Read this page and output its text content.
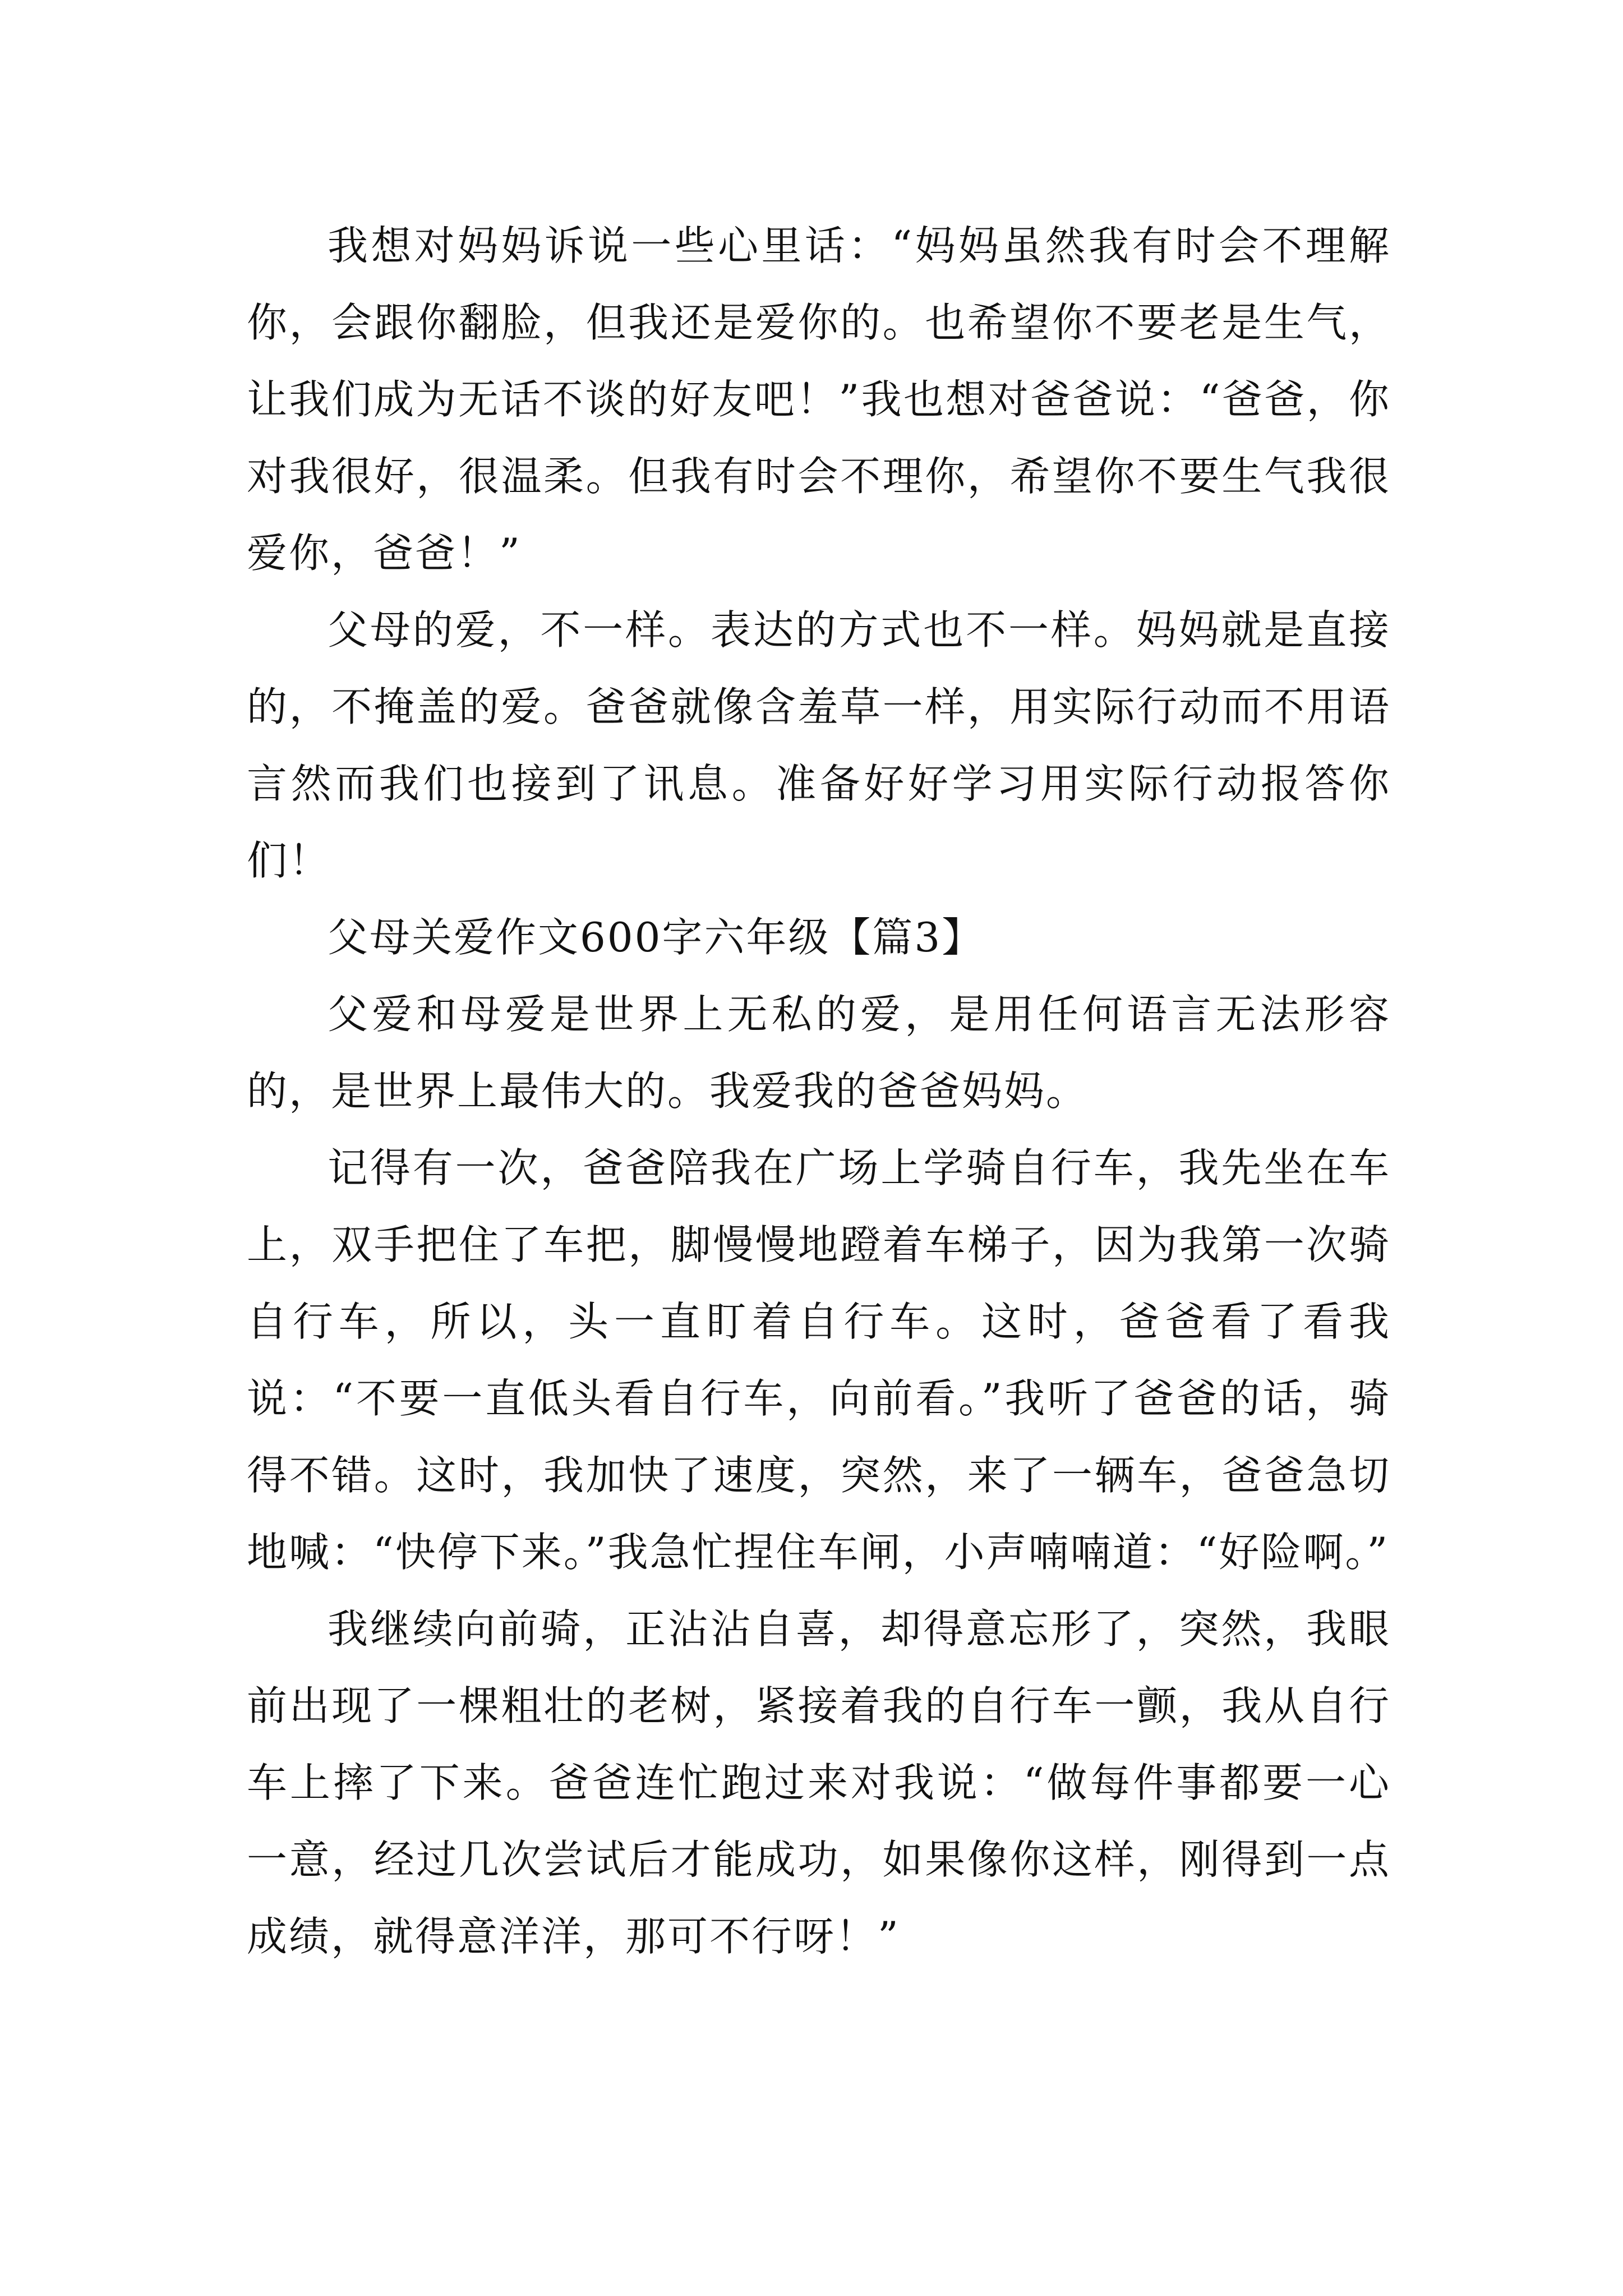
我想对妈妈诉说一些心里话：“妈妈虽然我有时会不理解你，会跟你翻脸，但我还是爱你的。也希望你不要老是生气，让我们成为无话不谈的好友吧！”我也想对爸爸说：“爸爸，你对我很好，很温柔。但我有时会不理你，希望你不要生气我很爱你，爸爸！”

父母的爱，不一样。表达的方式也不一样。妈妈就是直接的，不掩盖的爱。爸爸就像含羞草一样，用实际行动而不用语言然而我们也接到了讯息。准备好好学习用实际行动报答你们！

父母关爱作文600字六年级【篇3】

父爱和母爱是世界上无私的爱，是用任何语言无法形容的，是世界上最伟大的。我爱我的爸爸妈妈。

记得有一次，爸爸陪我在广场上学骑自行车，我先坐在车上，双手把住了车把，脚慢慢地蹬着车梯子，因为我第一次骑自行车，所以，头一直盯着自行车。这时，爸爸看了看我说：“不要一直低头看自行车，向前看。”我听了爸爸的话，骑得不错。这时，我加快了速度，突然，来了一辆车，爸爸急切地喊：“快停下来。”我急忙捏住车闸，小声喃喃道：“好险啊。”

我继续向前骑，正沾沾自喜，却得意忘形了，突然，我眼前出现了一棵粗壮的老树，紧接着我的自行车一颤，我从自行车上摔了下来。爸爸连忙跑过来对我说：“做每件事都要一心一意，经过几次尝试后才能成功，如果像你这样，刚得到一点成绩，就得意洋洋，那可不行呀！”
